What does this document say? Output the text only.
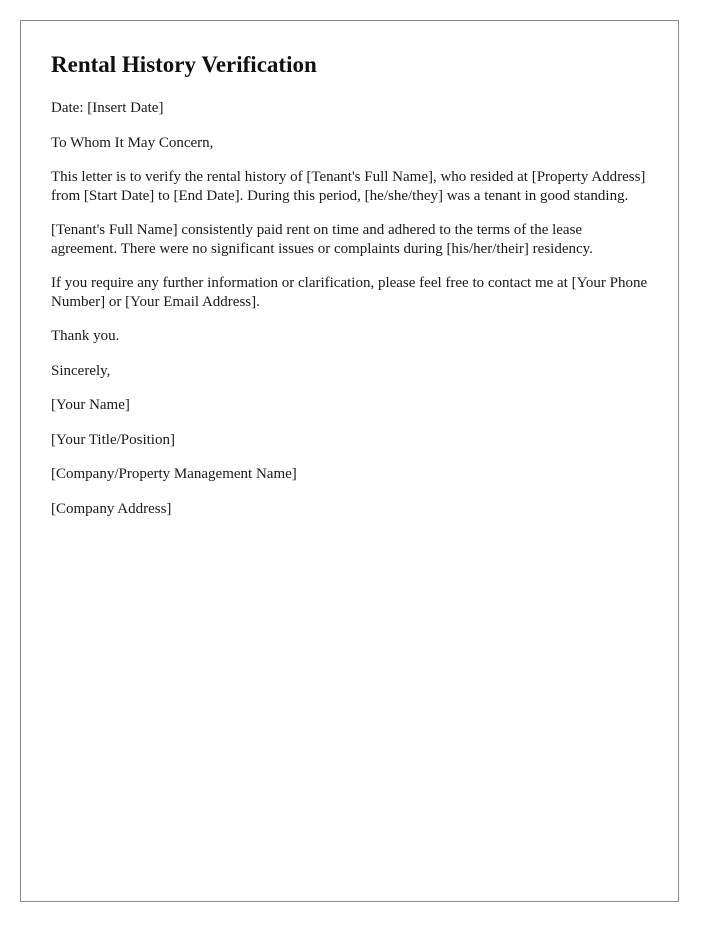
Rental History Verification

Date: [Insert Date]

To Whom It May Concern,

This letter is to verify the rental history of [Tenant's Full Name], who resided at [Property Address] from [Start Date] to [End Date]. During this period, [he/she/they] was a tenant in good standing.

[Tenant's Full Name] consistently paid rent on time and adhered to the terms of the lease agreement. There were no significant issues or complaints during [his/her/their] residency.

If you require any further information or clarification, please feel free to contact me at [Your Phone Number] or [Your Email Address].

Thank you.

Sincerely,

[Your Name]

[Your Title/Position]

[Company/Property Management Name]

[Company Address]
